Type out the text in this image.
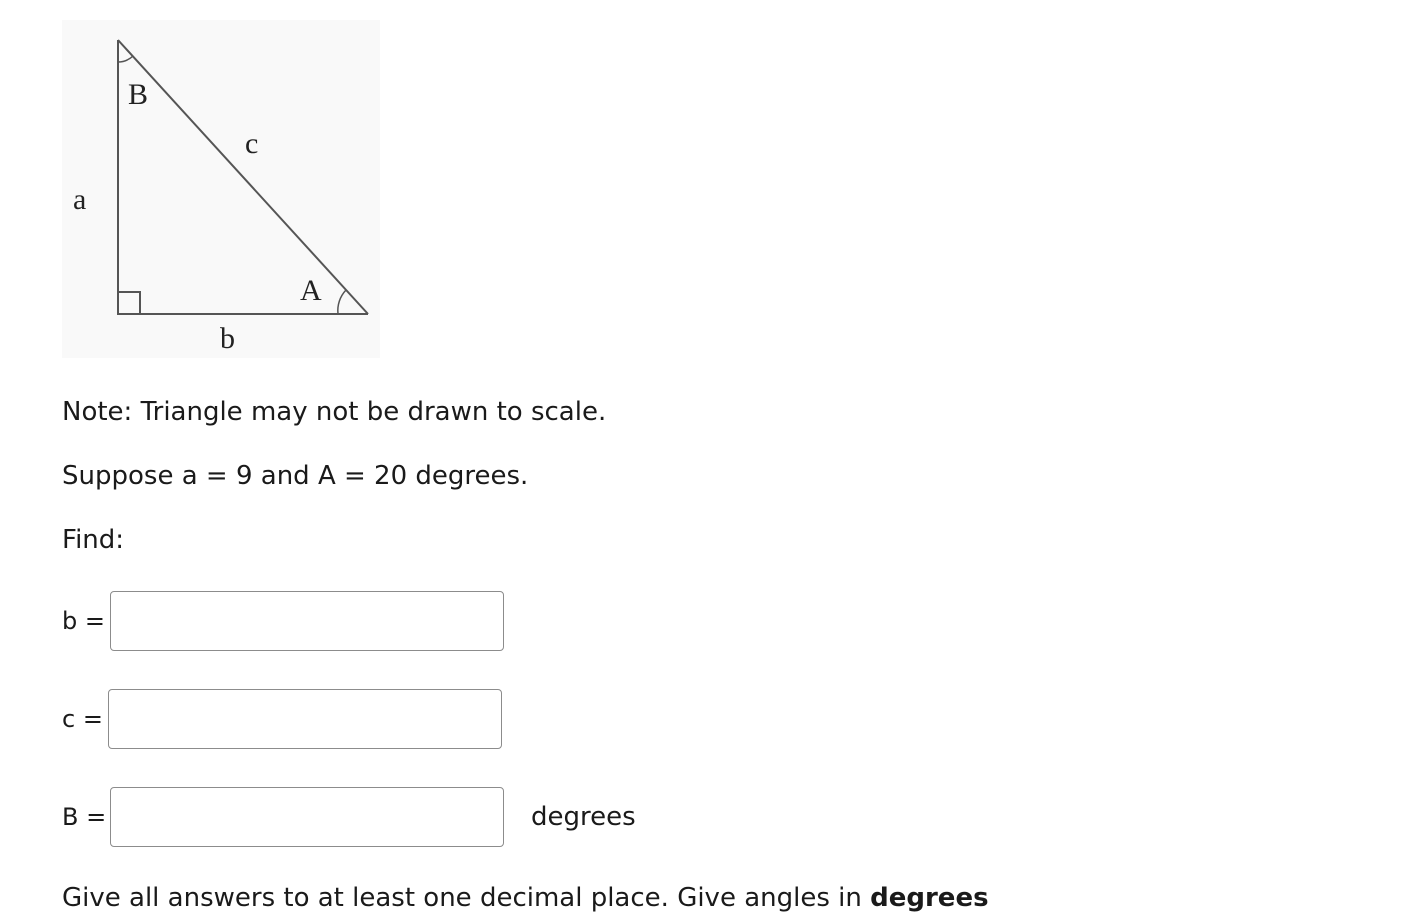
B
c
a
A
b
Note: Triangle may not be drawn to scale.
Suppose a = 9 and A = 20 degrees.
Find:
b =
c =
B =	degrees
Give all answers to at least one decimal place. Give angles in degrees
